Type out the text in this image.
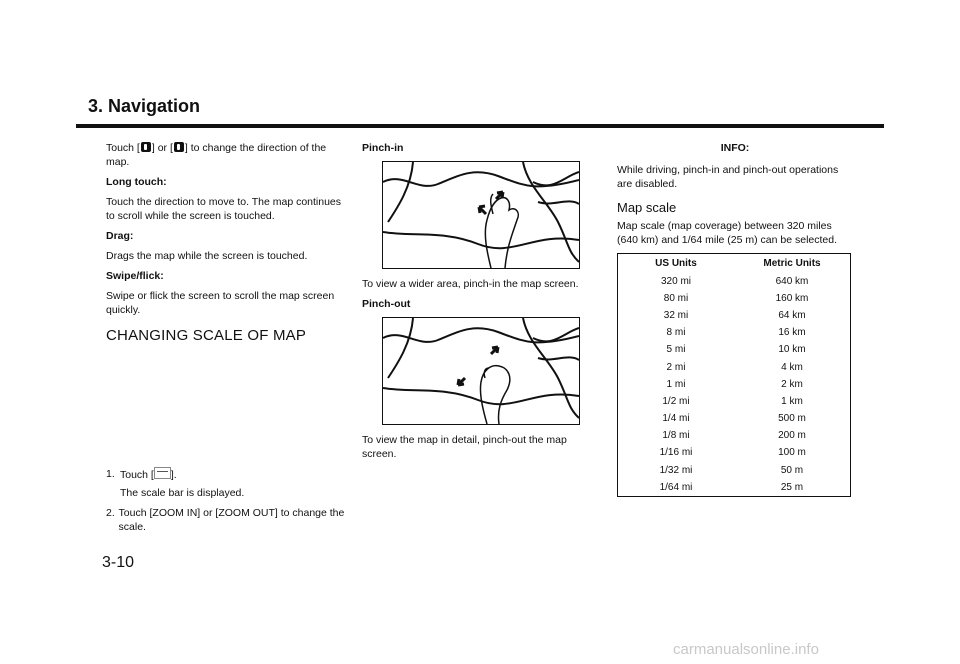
3. Navigation

Touch [ ] or [ ] to change the direction of the map.

Long touch:

Touch the direction to move to. The map continues to scroll while the screen is touched.

Drag:

Drags the map while the screen is touched.

Swipe/flick:

Swipe or flick the screen to scroll the map screen quickly.

CHANGING SCALE OF MAP
1. Touch [ ].
The scale bar is displayed.
2. Touch [ZOOM IN] or [ZOOM OUT] to change the scale.

Pinch-in

To view a wider area, pinch-in the map screen.

Pinch-out

To view the map in detail, pinch-out the map screen.

INFO:

While driving, pinch-in and pinch-out operations are disabled.

Map scale

Map scale (map coverage) between 320 miles (640 km) and 1/64 mile (25 m) can be selected.

US Units	Metric Units
320 mi	640 km
80 mi	160 km
32 mi	64 km
8 mi	16 km
5 mi	10 km
2 mi	4 km
1 mi	2 km
1/2 mi	1 km
1/4 mi	500 m
1/8 mi	200 m
1/16 mi	100 m
1/32 mi	50 m
1/64 mi	25 m
3-10
carmanualsonline.info
